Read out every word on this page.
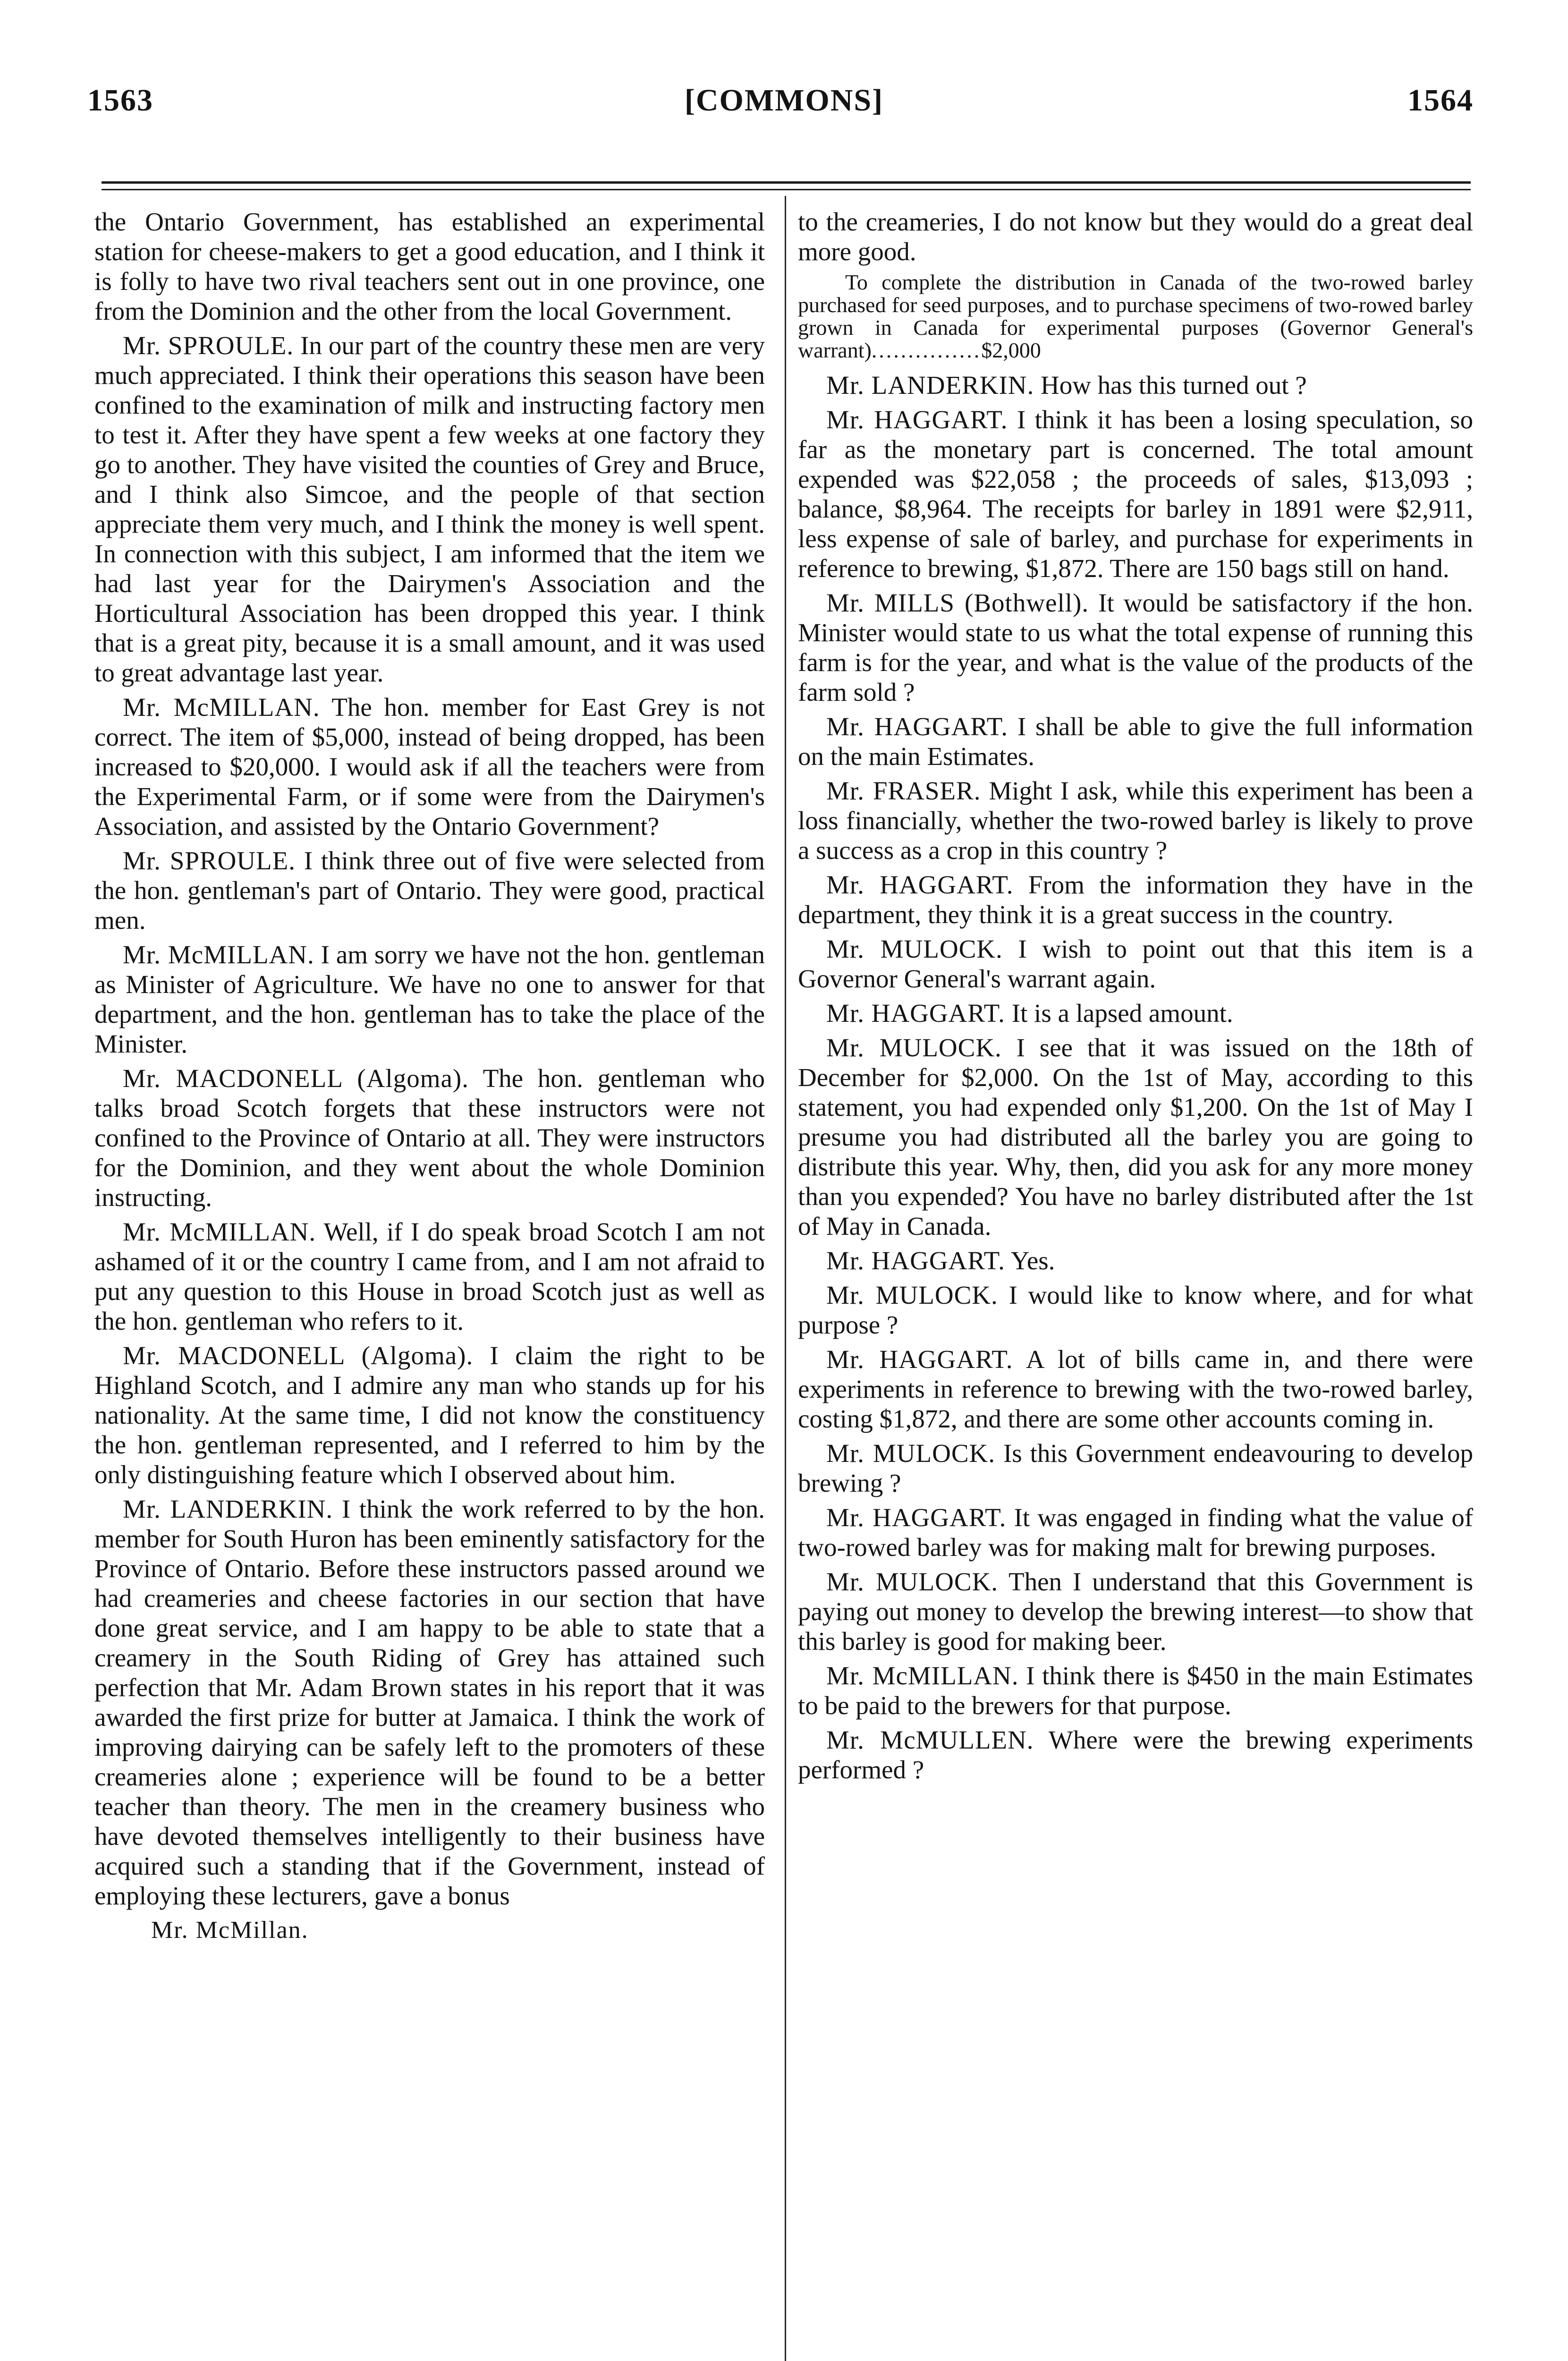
1563	[COMMONS]	1564

the Ontario Government, has established an experimental station for cheese-makers to get a good education, and I think it is folly to have two rival teachers sent out in one province, one from the Dominion and the other from the local Government.

Mr. SPROULE. In our part of the country these men are very much appreciated. I think their operations this season have been confined to the examination of milk and instructing factory men to test it. After they have spent a few weeks at one factory they go to another. They have visited the counties of Grey and Bruce, and I think also Simcoe, and the people of that section appreciate them very much, and I think the money is well spent. In connection with this subject, I am informed that the item we had last year for the Dairymen's Association and the Horticultural Association has been dropped this year. I think that is a great pity, because it is a small amount, and it was used to great advantage last year.

Mr. McMILLAN. The hon. member for East Grey is not correct. The item of $5,000, instead of being dropped, has been increased to $20,000. I would ask if all the teachers were from the Experimental Farm, or if some were from the Dairymen's Association, and assisted by the Ontario Government?

Mr. SPROULE. I think three out of five were selected from the hon. gentleman's part of Ontario. They were good, practical men.

Mr. McMILLAN. I am sorry we have not the hon. gentleman as Minister of Agriculture. We have no one to answer for that department, and the hon. gentleman has to take the place of the Minister.

Mr. MACDONELL (Algoma). The hon. gentleman who talks broad Scotch forgets that these instructors were not confined to the Province of Ontario at all. They were instructors for the Dominion, and they went about the whole Dominion instructing.

Mr. McMILLAN. Well, if I do speak broad Scotch I am not ashamed of it or the country I came from, and I am not afraid to put any question to this House in broad Scotch just as well as the hon. gentleman who refers to it.

Mr. MACDONELL (Algoma). I claim the right to be Highland Scotch, and I admire any man who stands up for his nationality. At the same time, I did not know the constituency the hon. gentleman represented, and I referred to him by the only distinguishing feature which I observed about him.

Mr. LANDERKIN. I think the work referred to by the hon. member for South Huron has been eminently satisfactory for the Province of Ontario. Before these instructors passed around we had creameries and cheese factories in our section that have done great service, and I am happy to be able to state that a creamery in the South Riding of Grey has attained such perfection that Mr. Adam Brown states in his report that it was awarded the first prize for butter at Jamaica. I think the work of improving dairying can be safely left to the promoters of these creameries alone ; experience will be found to be a better teacher than theory. The men in the creamery business who have devoted themselves intelligently to their business have acquired such a standing that if the Government, instead of employing these lecturers, gave a bonus

Mr. McMillan.

to the creameries, I do not know but they would do a great deal more good.

To complete the distribution in Canada of the two-rowed barley purchased for seed purposes, and to purchase specimens of two-rowed barley grown in Canada for experimental purposes (Governor General's warrant)...............$2,000

Mr. LANDERKIN. How has this turned out ?

Mr. HAGGART. I think it has been a losing speculation, so far as the monetary part is concerned. The total amount expended was $22,058 ; the proceeds of sales, $13,093 ; balance, $8,964. The receipts for barley in 1891 were $2,911, less expense of sale of barley, and purchase for experiments in reference to brewing, $1,872. There are 150 bags still on hand.

Mr. MILLS (Bothwell). It would be satisfactory if the hon. Minister would state to us what the total expense of running this farm is for the year, and what is the value of the products of the farm sold ?

Mr. HAGGART. I shall be able to give the full information on the main Estimates.

Mr. FRASER. Might I ask, while this experiment has been a loss financially, whether the two-rowed barley is likely to prove a success as a crop in this country ?

Mr. HAGGART. From the information they have in the department, they think it is a great success in the country.

Mr. MULOCK. I wish to point out that this item is a Governor General's warrant again.

Mr. HAGGART. It is a lapsed amount.

Mr. MULOCK. I see that it was issued on the 18th of December for $2,000. On the 1st of May, according to this statement, you had expended only $1,200. On the 1st of May I presume you had distributed all the barley you are going to distribute this year. Why, then, did you ask for any more money than you expended? You have no barley distributed after the 1st of May in Canada.

Mr. HAGGART. Yes.

Mr. MULOCK. I would like to know where, and for what purpose ?

Mr. HAGGART. A lot of bills came in, and there were experiments in reference to brewing with the two-rowed barley, costing $1,872, and there are some other accounts coming in.

Mr. MULOCK. Is this Government endeavouring to develop brewing ?

Mr. HAGGART. It was engaged in finding what the value of two-rowed barley was for making malt for brewing purposes.

Mr. MULOCK. Then I understand that this Government is paying out money to develop the brewing interest—to show that this barley is good for making beer.

Mr. McMILLAN. I think there is $450 in the main Estimates to be paid to the brewers for that purpose.

Mr. McMULLEN. Where were the brewing experiments performed ?
